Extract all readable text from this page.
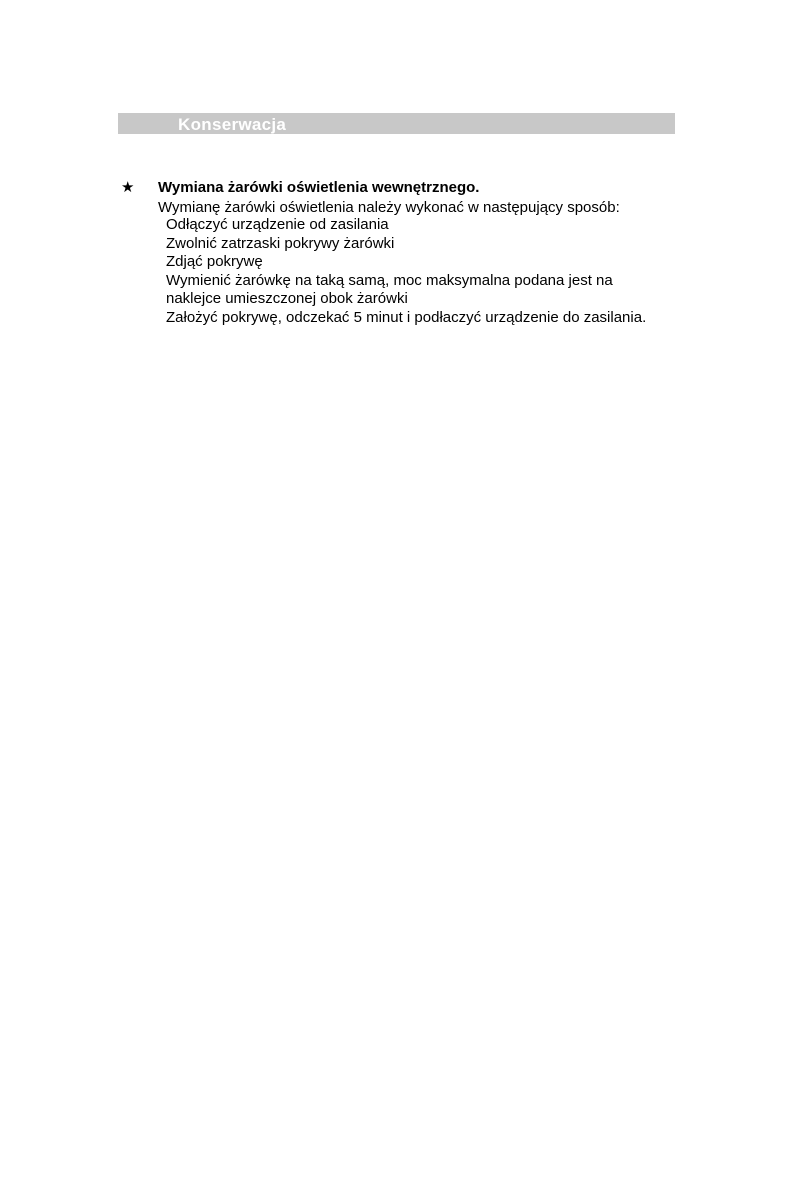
Konserwacja
★ Wymiana żarówki oświetlenia wewnętrznego.
Wymianę żarówki oświetlenia należy wykonać w następujący sposób:
Odłączyć urządzenie od zasilania
Zwolnić zatrzaski pokrywy żarówki
Zdjąć pokrywę
Wymienić żarówkę na taką samą, moc maksymalna podana jest na naklejce umieszczonej obok żarówki
Założyć pokrywę, odczekać 5 minut i podłaczyć urządzenie do zasilania.
